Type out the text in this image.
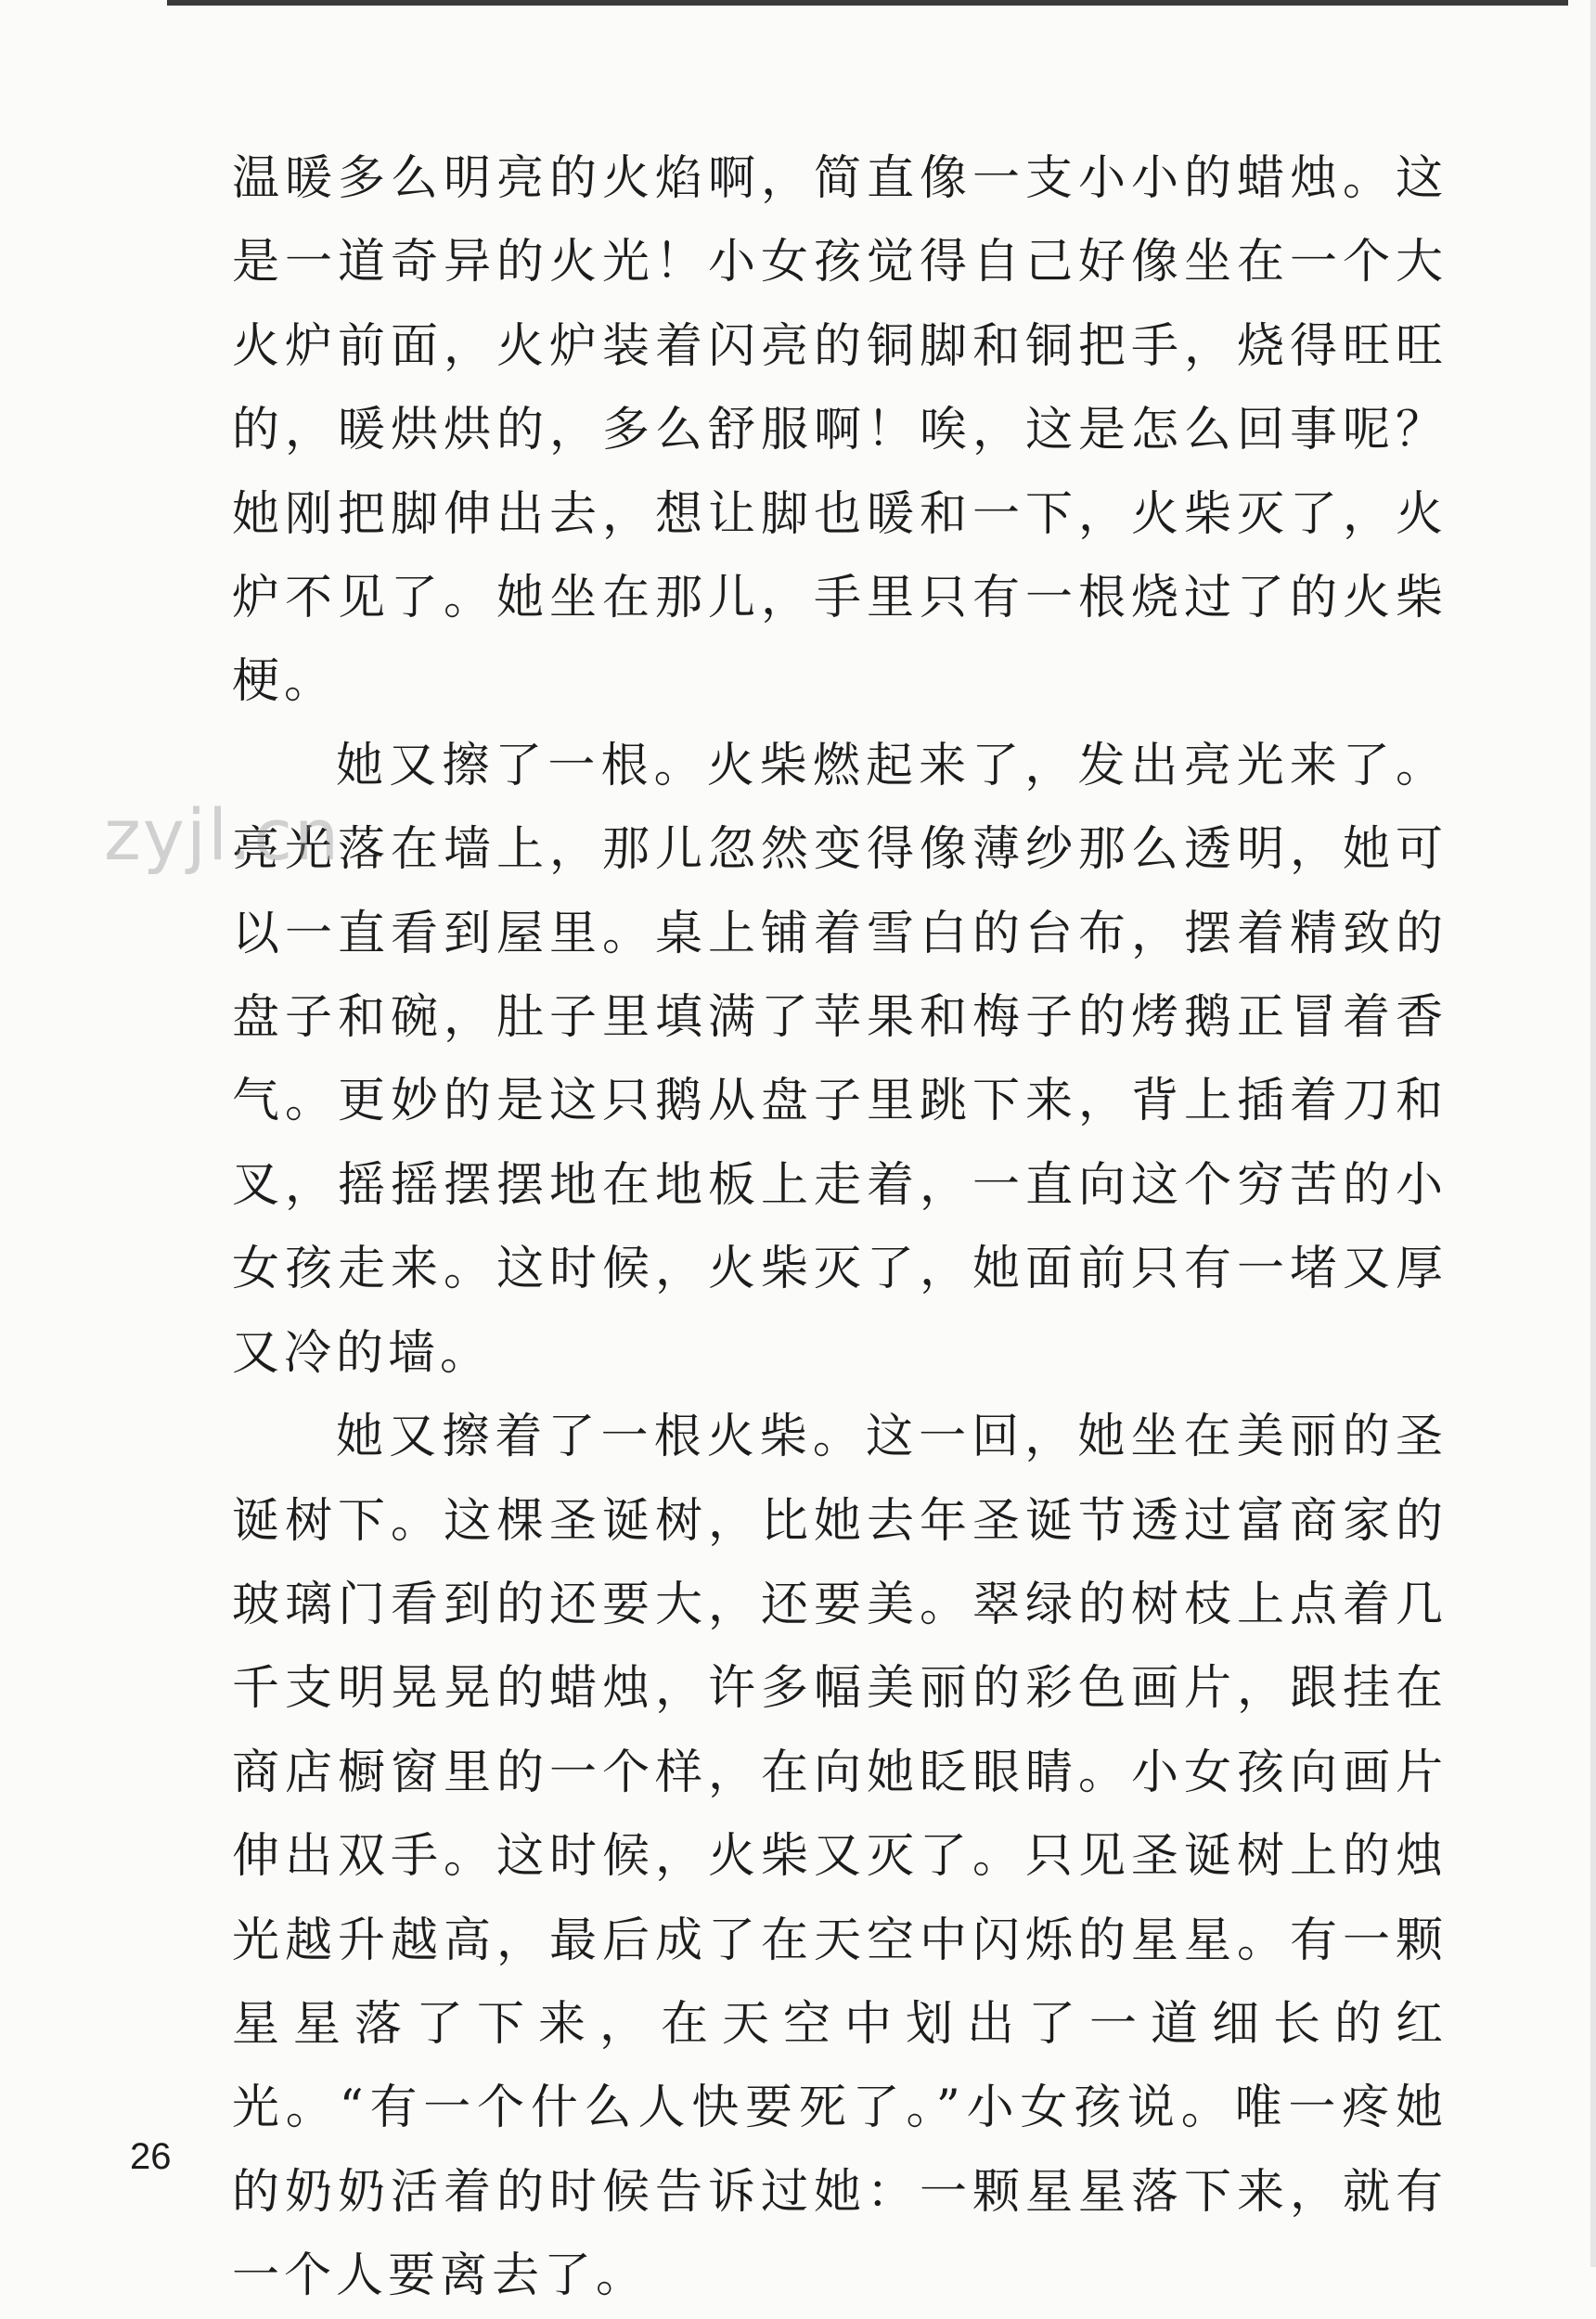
温暖多么明亮的火焰啊，简直像一支小小的蜡烛。这是一道奇异的火光！小女孩觉得自己好像坐在一个大火炉前面，火炉装着闪亮的铜脚和铜把手，烧得旺旺的，暖烘烘的，多么舒服啊！唉，这是怎么回事呢？她刚把脚伸出去，想让脚也暖和一下，火柴灭了，火炉不见了。她坐在那儿，手里只有一根烧过了的火柴梗。

她又擦了一根。火柴燃起来了，发出亮光来了。亮光落在墙上，那儿忽然变得像薄纱那么透明，她可以一直看到屋里。桌上铺着雪白的台布，摆着精致的盘子和碗，肚子里填满了苹果和梅子的烤鹅正冒着香气。更妙的是这只鹅从盘子里跳下来，背上插着刀和叉，摇摇摆摆地在地板上走着，一直向这个穷苦的小女孩走来。这时候，火柴灭了，她面前只有一堵又厚又冷的墙。

她又擦着了一根火柴。这一回，她坐在美丽的圣诞树下。这棵圣诞树，比她去年圣诞节透过富商家的玻璃门看到的还要大，还要美。翠绿的树枝上点着几千支明晃晃的蜡烛，许多幅美丽的彩色画片，跟挂在商店橱窗里的一个样，在向她眨眼睛。小女孩向画片伸出双手。这时候，火柴又灭了。只见圣诞树上的烛光越升越高，最后成了在天空中闪烁的星星。有一颗星星落了下来，在天空中划出了一道细长的红光。“有一个什么人快要死了。”小女孩说。唯一疼她的奶奶活着的时候告诉过她：一颗星星落下来，就有一个人要离去了。

zyjl.cn
26
